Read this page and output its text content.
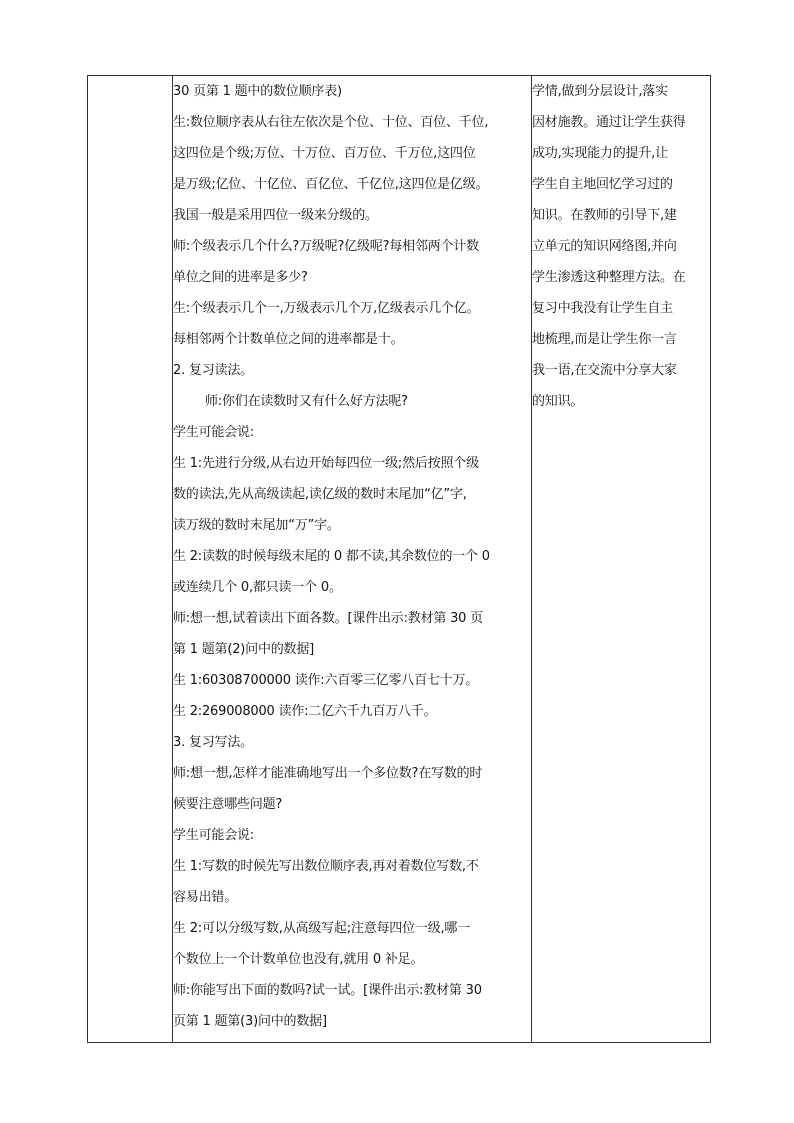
30 页第 1 题中的数位顺序表)
生:数位顺序表从右往左依次是个位、十位、百位、千位,
这四位是个级;万位、十万位、百万位、千万位,这四位
是万级;亿位、十亿位、百亿位、千亿位,这四位是亿级。
我国一般是采用四位一级来分级的。
师:个级表示几个什么?万级呢?亿级呢?每相邻两个计数
单位之间的进率是多少?
生:个级表示几个一,万级表示几个万,亿级表示几个亿。
每相邻两个计数单位之间的进率都是十。
2. 复习读法。
师:你们在读数时又有什么好方法呢?
学生可能会说:
生 1:先进行分级,从右边开始每四位一级;然后按照个级
数的读法,先从高级读起,读亿级的数时末尾加“亿”字,
读万级的数时末尾加“万”字。
生 2:读数的时候每级末尾的 0 都不读,其余数位的一个 0
或连续几个 0,都只读一个 0。
师:想一想,试着读出下面各数。[课件出示:教材第 30 页
第 1 题第(2)问中的数据]
生 1:60308700000 读作:六百零三亿零八百七十万。
生 2:269008000 读作:二亿六千九百万八千。
3. 复习写法。
师:想一想,怎样才能准确地写出一个多位数?在写数的时
候要注意哪些问题?
学生可能会说:
生 1:写数的时候先写出数位顺序表,再对着数位写数,不
容易出错。
生 2:可以分级写数,从高级写起;注意每四位一级,哪一
个数位上一个计数单位也没有,就用 0 补足。
师:你能写出下面的数吗?试一试。[课件出示:教材第 30
页第 1 题第(3)问中的数据]

学情,做到分层设计,落实
因材施教。通过让学生获得
成功,实现能力的提升,让
学生自主地回忆学习过的
知识。在教师的引导下,建
立单元的知识网络图,并向
学生渗透这种整理方法。在
复习中我没有让学生自主
地梳理,而是让学生你一言
我一语,在交流中分享大家
的知识。
